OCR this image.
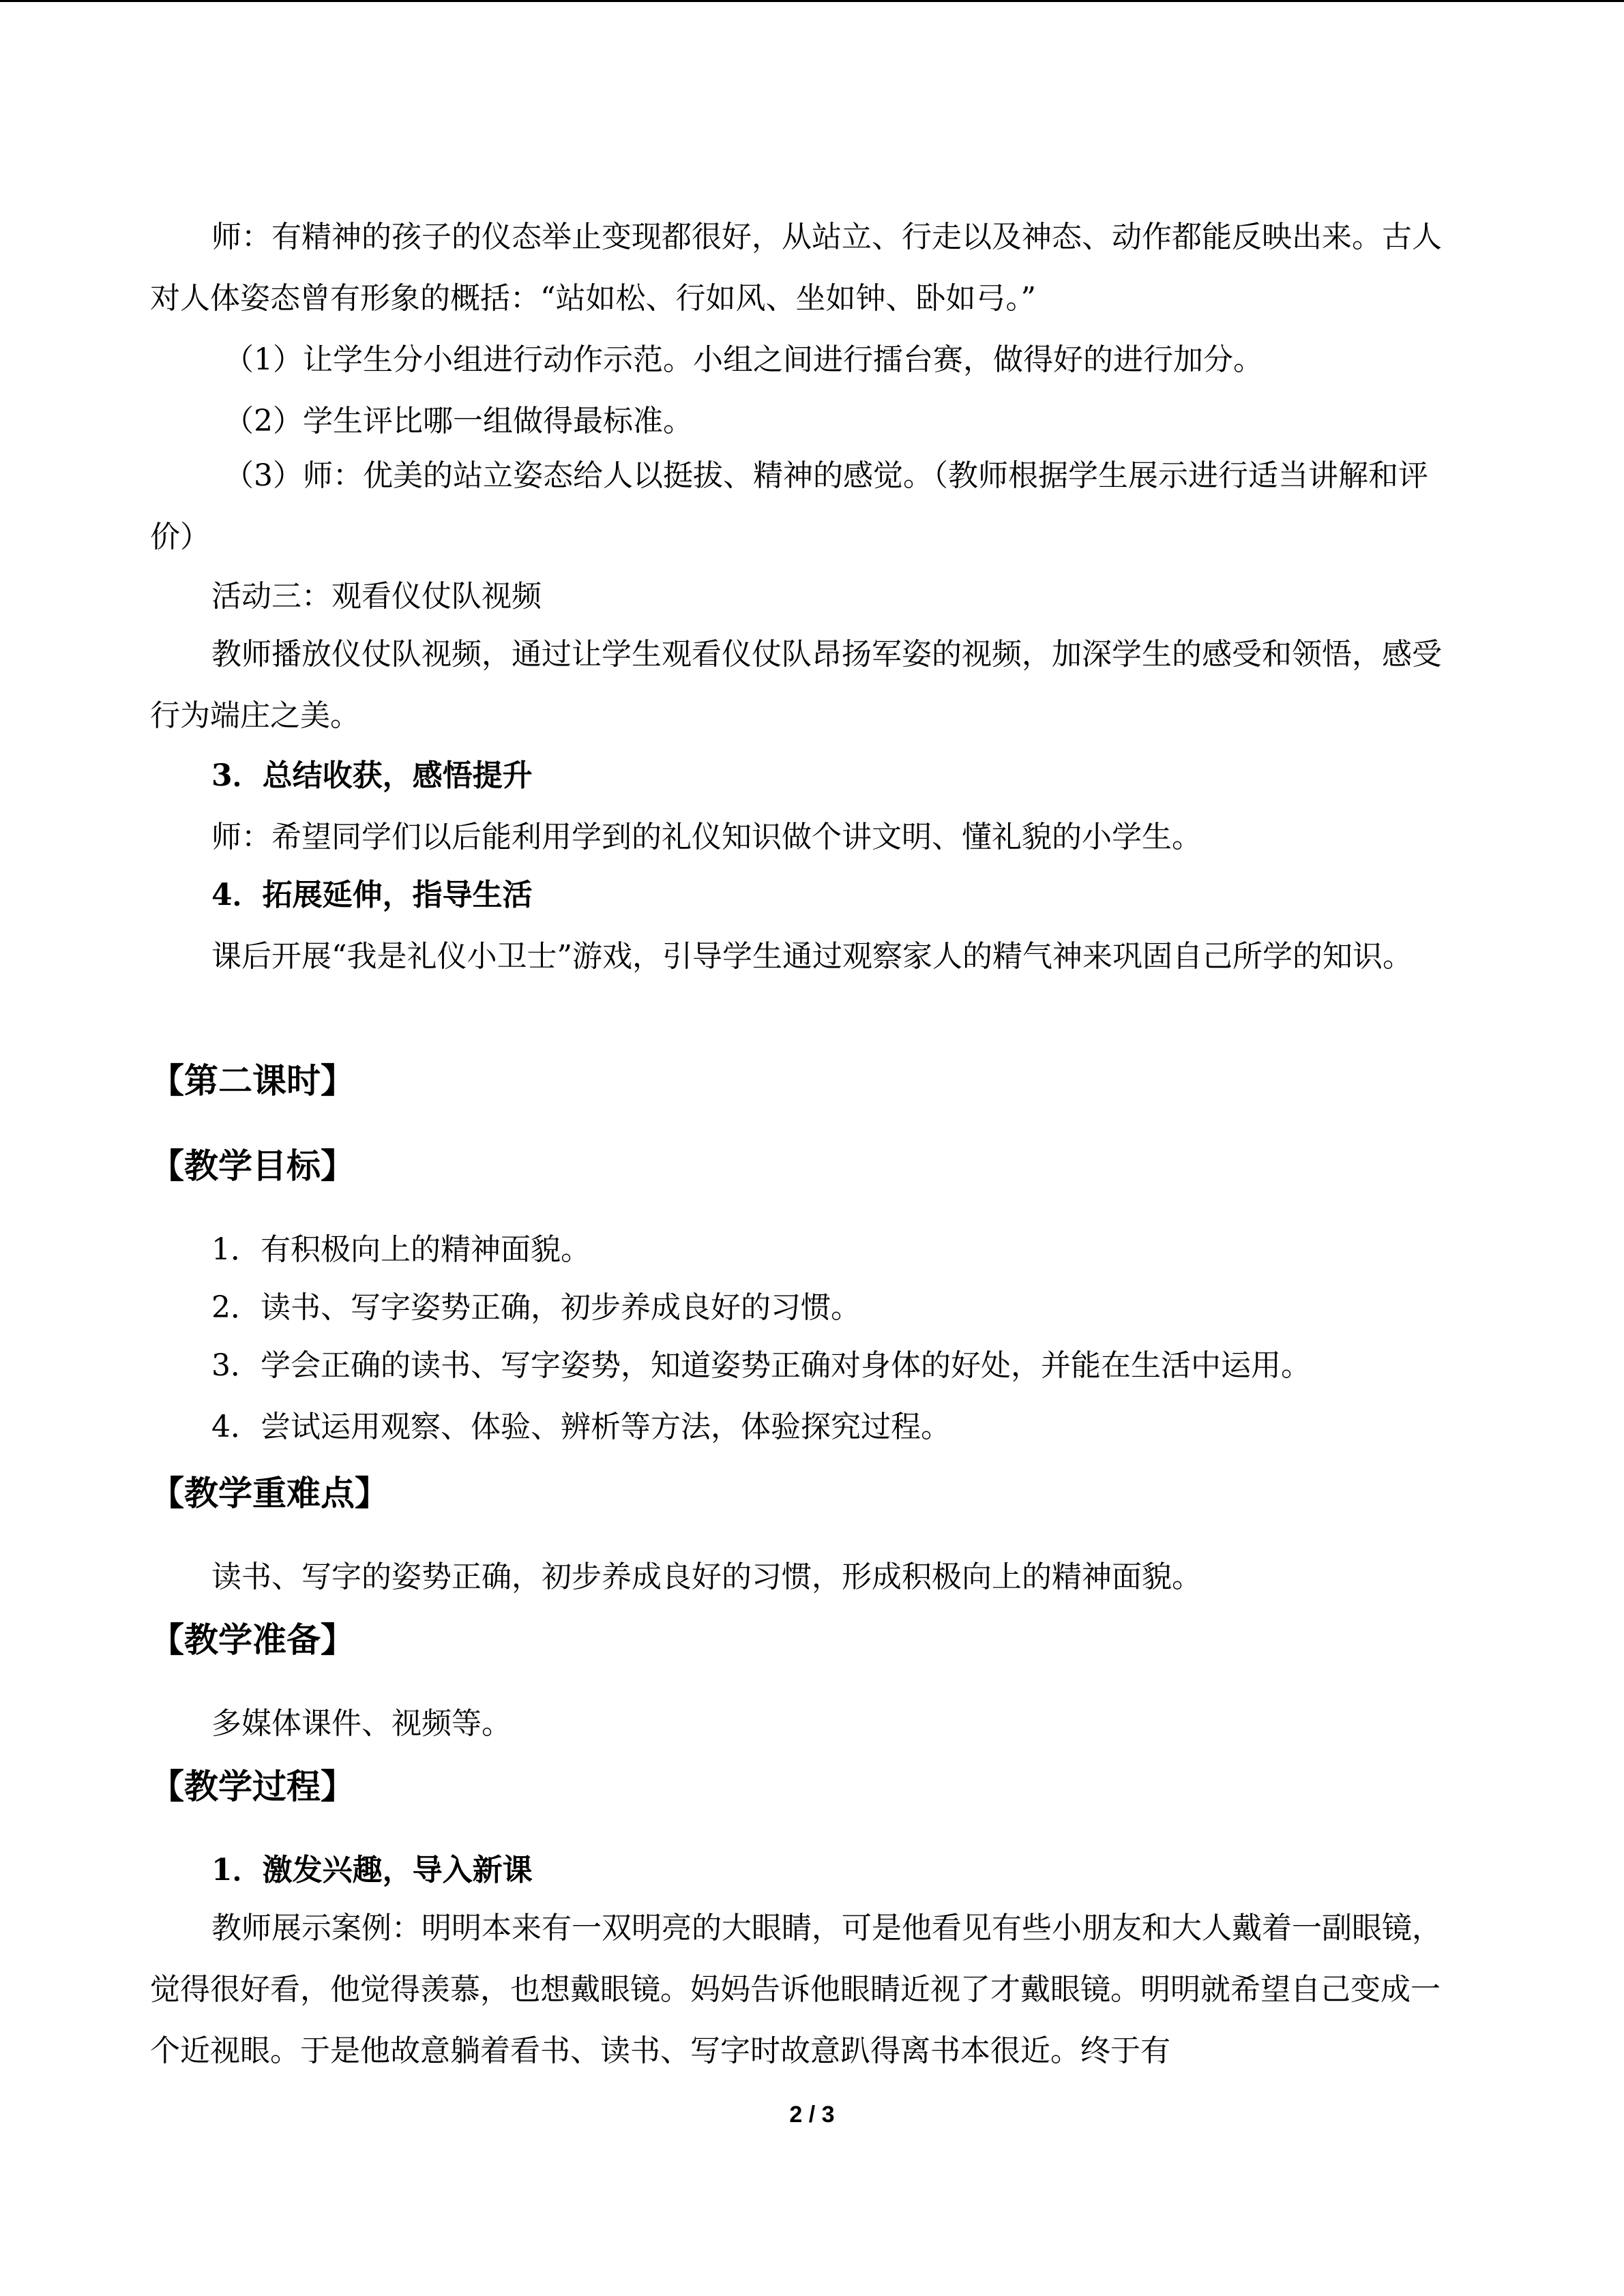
师：有精神的孩子的仪态举止变现都很好，从站立、行走以及神态、动作都能反映出来。古人对人体姿态曾有形象的概括：“站如松、行如风、坐如钟、卧如弓。”
（1）让学生分小组进行动作示范。小组之间进行擂台赛，做得好的进行加分。
（2）学生评比哪一组做得最标准。
（3）师：优美的站立姿态给人以挺拔、精神的感觉。（教师根据学生展示进行适当讲解和评价）
活动三：观看仪仗队视频
教师播放仪仗队视频，通过让学生观看仪仗队昂扬军姿的视频，加深学生的感受和领悟，感受行为端庄之美。
3．总结收获，感悟提升
师：希望同学们以后能利用学到的礼仪知识做个讲文明、懂礼貌的小学生。
4．拓展延伸，指导生活
课后开展“我是礼仪小卫士”游戏，引导学生通过观察家人的精气神来巩固自己所学的知识。
【第二课时】
【教学目标】
1．有积极向上的精神面貌。
2．读书、写字姿势正确，初步养成良好的习惯。
3．学会正确的读书、写字姿势，知道姿势正确对身体的好处，并能在生活中运用。
4．尝试运用观察、体验、辨析等方法，体验探究过程。
【教学重难点】
读书、写字的姿势正确，初步养成良好的习惯，形成积极向上的精神面貌。
【教学准备】
多媒体课件、视频等。
【教学过程】
1．激发兴趣，导入新课
教师展示案例：明明本来有一双明亮的大眼睛，可是他看见有些小朋友和大人戴着一副眼镜，觉得很好看，他觉得羡慕，也想戴眼镜。妈妈告诉他眼睛近视了才戴眼镜。明明就希望自己变成一个近视眼。于是他故意躺着看书、读书、写字时故意趴得离书本很近。终于有
2 / 3
